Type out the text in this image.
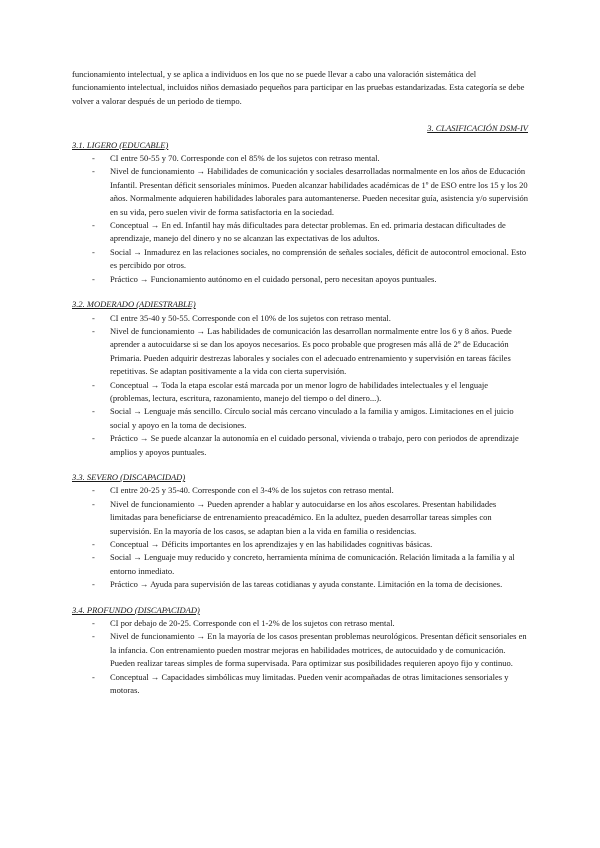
funcionamiento intelectual, y se aplica a individuos en los que no se puede llevar a cabo una valoración sistemática del funcionamiento intelectual, incluidos niños demasiado pequeños para participar en las pruebas estandarizadas. Esta categoría se debe volver a valorar después de un periodo de tiempo.

3. CLASIFICACIÓN DSM-IV
3.1. LIGERO (EDUCABLE)
- CI entre 50-55 y 70. Corresponde con el 85% de los sujetos con retraso mental.
- Nivel de funcionamiento → Habilidades de comunicación y sociales desarrolladas normalmente en los años de Educación Infantil. Presentan déficit sensoriales mínimos. Pueden alcanzar habilidades académicas de 1º de ESO entre los 15 y los 20 años. Normalmente adquieren habilidades laborales para automantenerse. Pueden necesitar guía, asistencia y/o supervisión en su vida, pero suelen vivir de forma satisfactoria en la sociedad.
- Conceptual → En ed. Infantil hay más dificultades para detectar problemas. En ed. primaria destacan dificultades de aprendizaje, manejo del dinero y no se alcanzan las expectativas de los adultos.
- Social → Inmadurez en las relaciones sociales, no comprensión de señales sociales, déficit de autocontrol emocional. Esto es percibido por otros.
- Práctico → Funcionamiento autónomo en el cuidado personal, pero necesitan apoyos puntuales.
3.2. MODERADO (ADIESTRABLE)
- CI entre 35-40 y 50-55. Corresponde con el 10% de los sujetos con retraso mental.
- Nivel de funcionamiento → Las habilidades de comunicación las desarrollan normalmente entre los 6 y 8 años. Puede aprender a autocuidarse si se dan los apoyos necesarios. Es poco probable que progresen más allá de 2º de Educación Primaria. Pueden adquirir destrezas laborales y sociales con el adecuado entrenamiento y supervisión en tareas fáciles repetitivas. Se adaptan positivamente a la vida con cierta supervisión.
- Conceptual → Toda la etapa escolar está marcada por un menor logro de habilidades intelectuales y el lenguaje (problemas, lectura, escritura, razonamiento, manejo del tiempo o del dinero...).
- Social → Lenguaje más sencillo. Círculo social más cercano vinculado a la familia y amigos. Limitaciones en el juicio social y apoyo en la toma de decisiones.
- Práctico → Se puede alcanzar la autonomía en el cuidado personal, vivienda o trabajo, pero con periodos de aprendizaje amplios y apoyos puntuales.
3.3. SEVERO (DISCAPACIDAD)
- CI entre 20-25 y 35-40. Corresponde con el 3-4% de los sujetos con retraso mental.
- Nivel de funcionamiento → Pueden aprender a hablar y autocuidarse en los años escolares. Presentan habilidades limitadas para beneficiarse de entrenamiento preacadémico. En la adultez, pueden desarrollar tareas simples con supervisión. En la mayoría de los casos, se adaptan bien a la vida en familia o residencias.
- Conceptual → Déficits importantes en los aprendizajes y en las habilidades cognitivas básicas.
- Social → Lenguaje muy reducido y concreto, herramienta mínima de comunicación. Relación limitada a la familia y al entorno inmediato.
- Práctico → Ayuda para supervisión de las tareas cotidianas y ayuda constante. Limitación en la toma de decisiones.
3.4. PROFUNDO (DISCAPACIDAD)
- CI por debajo de 20-25. Corresponde con el 1-2% de los sujetos con retraso mental.
- Nivel de funcionamiento → En la mayoría de los casos presentan problemas neurológicos. Presentan déficit sensoriales en la infancia. Con entrenamiento pueden mostrar mejoras en habilidades motrices, de autocuidado y de comunicación. Pueden realizar tareas simples de forma supervisada. Para optimizar sus posibilidades requieren apoyo fijo y continuo.
- Conceptual → Capacidades simbólicas muy limitadas. Pueden venir acompañadas de otras limitaciones sensoriales y motoras.
